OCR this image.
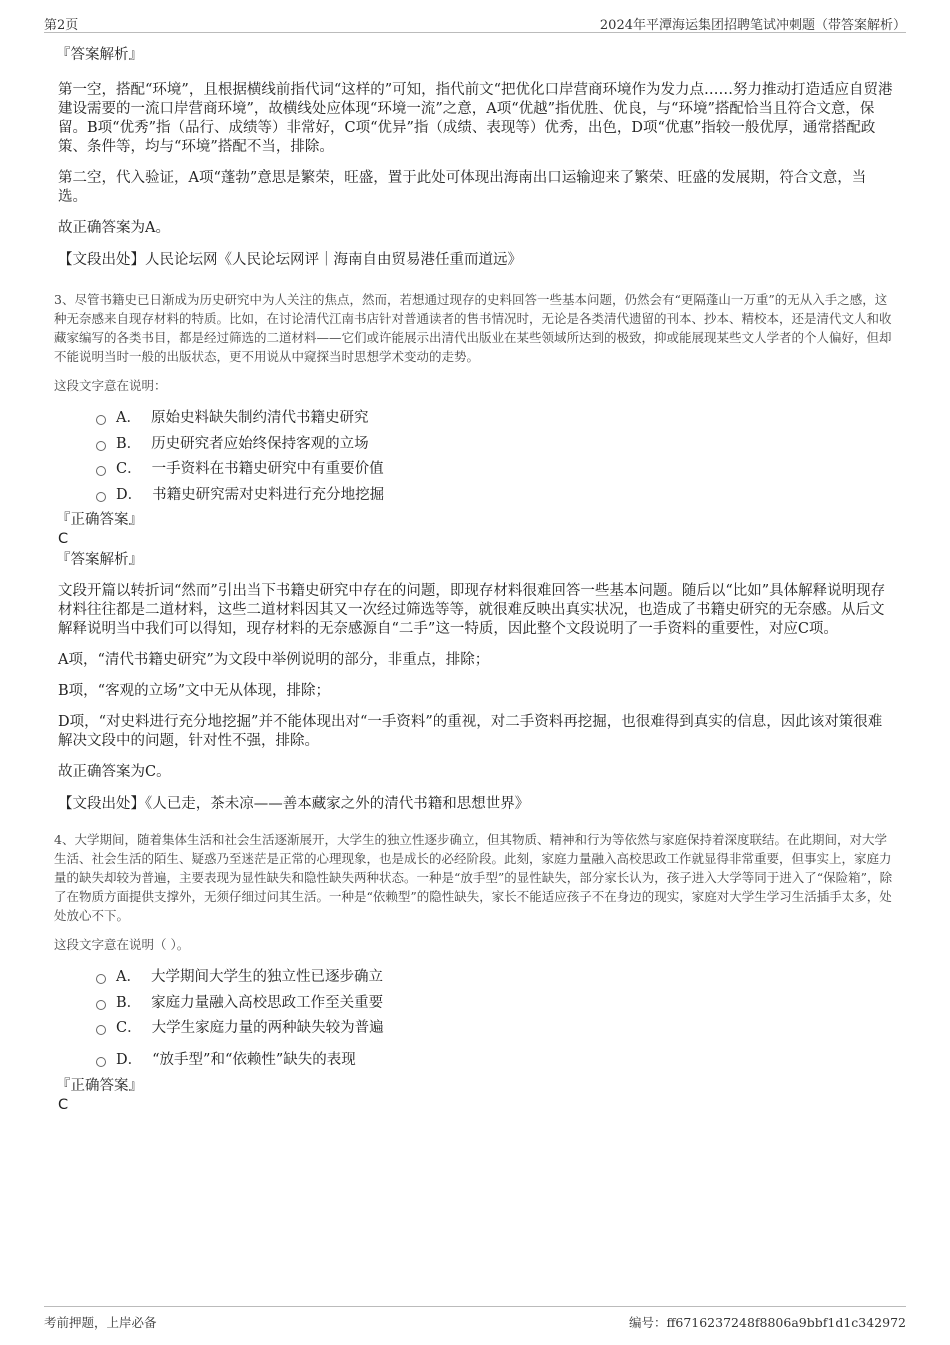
第2页	2024年平潭海运集团招聘笔试冲刺题（带答案解析）

『答案解析』

第一空，搭配“环境”，且根据横线前指代词“这样的”可知，指代前文“把优化口岸营商环境作为发力点……努力推动打造适应自贸港建设需要的一流口岸营商环境”，故横线处应体现“环境一流”之意，A项“优越”指优胜、优良，与“环境”搭配恰当且符合文意，保留。B项“优秀”指（品行、成绩等）非常好，C项“优异”指（成绩、表现等）优秀，出色，D项“优惠”指较一般优厚，通常搭配政策、条件等，均与“环境”搭配不当，排除。

第二空，代入验证，A项“蓬勃”意思是繁荣，旺盛，置于此处可体现出海南出口运输迎来了繁荣、旺盛的发展期，符合文意，当选。

故正确答案为A。

【文段出处】人民论坛网《人民论坛网评｜海南自由贸易港任重而道远》

3、尽管书籍史已日渐成为历史研究中为人关注的焦点，然而，若想通过现存的史料回答一些基本问题，仍然会有“更隔蓬山一万重”的无从入手之感，这种无奈感来自现存材料的特质。比如，在讨论清代江南书店针对普通读者的售书情况时，无论是各类清代遗留的刊本、抄本、精校本，还是清代文人和收藏家编写的各类书目，都是经过筛选的二道材料——它们或许能展示出清代出版业在某些领域所达到的极致，抑或能展现某些文人学者的个人偏好，但却不能说明当时一般的出版状态，更不用说从中窥探当时思想学术变动的走势。

这段文字意在说明：

A． 原始史料缺失制约清代书籍史研究
B． 历史研究者应始终保持客观的立场
C． 一手资料在书籍史研究中有重要价值
D． 书籍史研究需对史料进行充分地挖掘

『正确答案』

C

『答案解析』

文段开篇以转折词“然而”引出当下书籍史研究中存在的问题，即现存材料很难回答一些基本问题。随后以“比如”具体解释说明现存材料往往都是二道材料，这些二道材料因其又一次经过筛选等等，就很难反映出真实状况，也造成了书籍史研究的无奈感。从后文解释说明当中我们可以得知，现存材料的无奈感源自“二手”这一特质，因此整个文段说明了一手资料的重要性，对应C项。

A项，“清代书籍史研究”为文段中举例说明的部分，非重点，排除；

B项，“客观的立场”文中无从体现，排除；

D项，“对史料进行充分地挖掘”并不能体现出对“一手资料”的重视，对二手资料再挖掘，也很难得到真实的信息，因此该对策很难解决文段中的问题，针对性不强，排除。

故正确答案为C。

【文段出处】《人已走，茶未凉——善本藏家之外的清代书籍和思想世界》

4、大学期间，随着集体生活和社会生活逐渐展开，大学生的独立性逐步确立，但其物质、精神和行为等依然与家庭保持着深度联结。在此期间，对大学生活、社会生活的陌生、疑惑乃至迷茫是正常的心理现象，也是成长的必经阶段。此刻，家庭力量融入高校思政工作就显得非常重要，但事实上，家庭力量的缺失却较为普遍，主要表现为显性缺失和隐性缺失两种状态。一种是“放手型”的显性缺失，部分家长认为，孩子进入大学等同于进入了“保险箱”，除了在物质方面提供支撑外，无须仔细过问其生活。一种是“依赖型”的隐性缺失，家长不能适应孩子不在身边的现实，家庭对大学生学习生活插手太多，处处放心不下。

这段文字意在说明（ ）。

A． 大学期间大学生的独立性已逐步确立
B． 家庭力量融入高校思政工作至关重要
C． 大学生家庭力量的两种缺失较为普遍
D． “放手型”和“依赖性”缺失的表现

『正确答案』

C

考前押题，上岸必备	编号：ff6716237248f8806a9bbf1d1c342972
